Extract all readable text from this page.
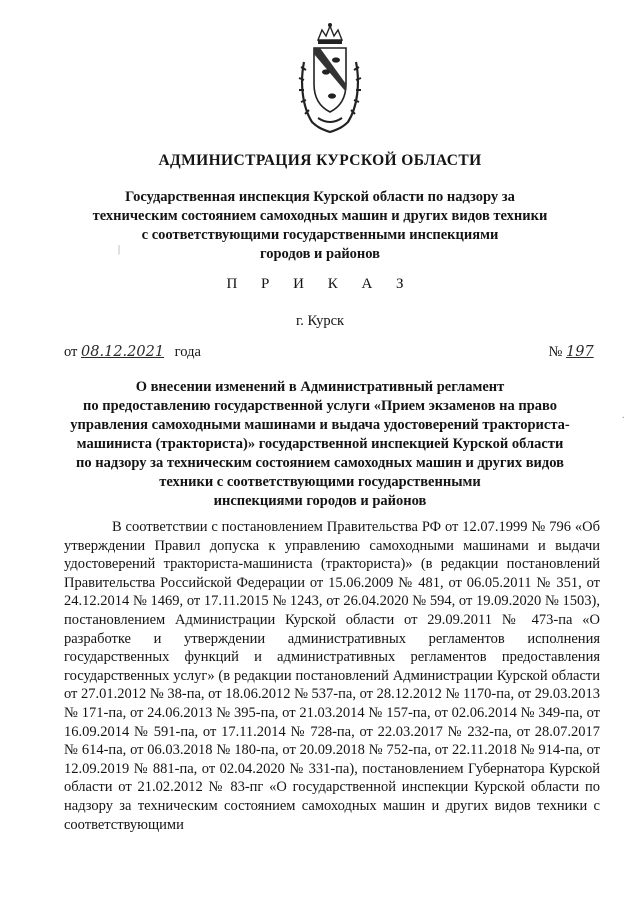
АДМИНИСТРАЦИЯ КУРСКОЙ ОБЛАСТИ
Государственная инспекция Курской области по надзору за
техническим состоянием самоходных машин и других видов техники
с соответствующими государственными инспекциями
городов и районов
П Р И К А З
г. Курск
от 08.12.2021 года	№ 197
О внесении изменений в Административный регламент
по предоставлению государственной услуги «Прием экзаменов на право
управления самоходными машинами и выдача удостоверений тракториста-
машиниста (тракториста)» государственной инспекцией Курской области
по надзору за техническим состоянием самоходных машин и других видов
техники с соответствующими государственными
инспекциями городов и районов

В соответствии с постановлением Правительства РФ от 12.07.1999 № 796 «Об утверждении Правил допуска к управлению самоходными машинами и выдачи удостоверений тракториста-машиниста (тракториста)» (в редакции постановлений Правительства Российской Федерации от 15.06.2009 № 481, от 06.05.2011 № 351, от 24.12.2014 № 1469, от 17.11.2015 № 1243, от 26.04.2020 № 594, от 19.09.2020 № 1503), постановлением Администрации Курской области от 29.09.2011 № 473-па «О разработке и утверждении административных регламентов исполнения государственных функций и административных регламентов предоставления государственных услуг» (в редакции постановлений Администрации Курской области от 27.01.2012 № 38-па, от 18.06.2012 № 537-па, от 28.12.2012 № 1170-па, от 29.03.2013 № 171-па, от 24.06.2013 № 395-па, от 21.03.2014 № 157-па, от 02.06.2014 № 349-па, от 16.09.2014 № 591-па, от 17.11.2014 № 728-па, от 22.03.2017 № 232-па, от 28.07.2017 № 614-па, от 06.03.2018 № 180-па, от 20.09.2018 № 752-па, от 22.11.2018 № 914-па, от 12.09.2019 № 881-па, от 02.04.2020 № 331-па), постановлением Губернатора Курской области от 21.02.2012 № 83-пг «О государственной инспекции Курской области по надзору за техническим состоянием самоходных машин и других видов техники с соответствующими

|
.
